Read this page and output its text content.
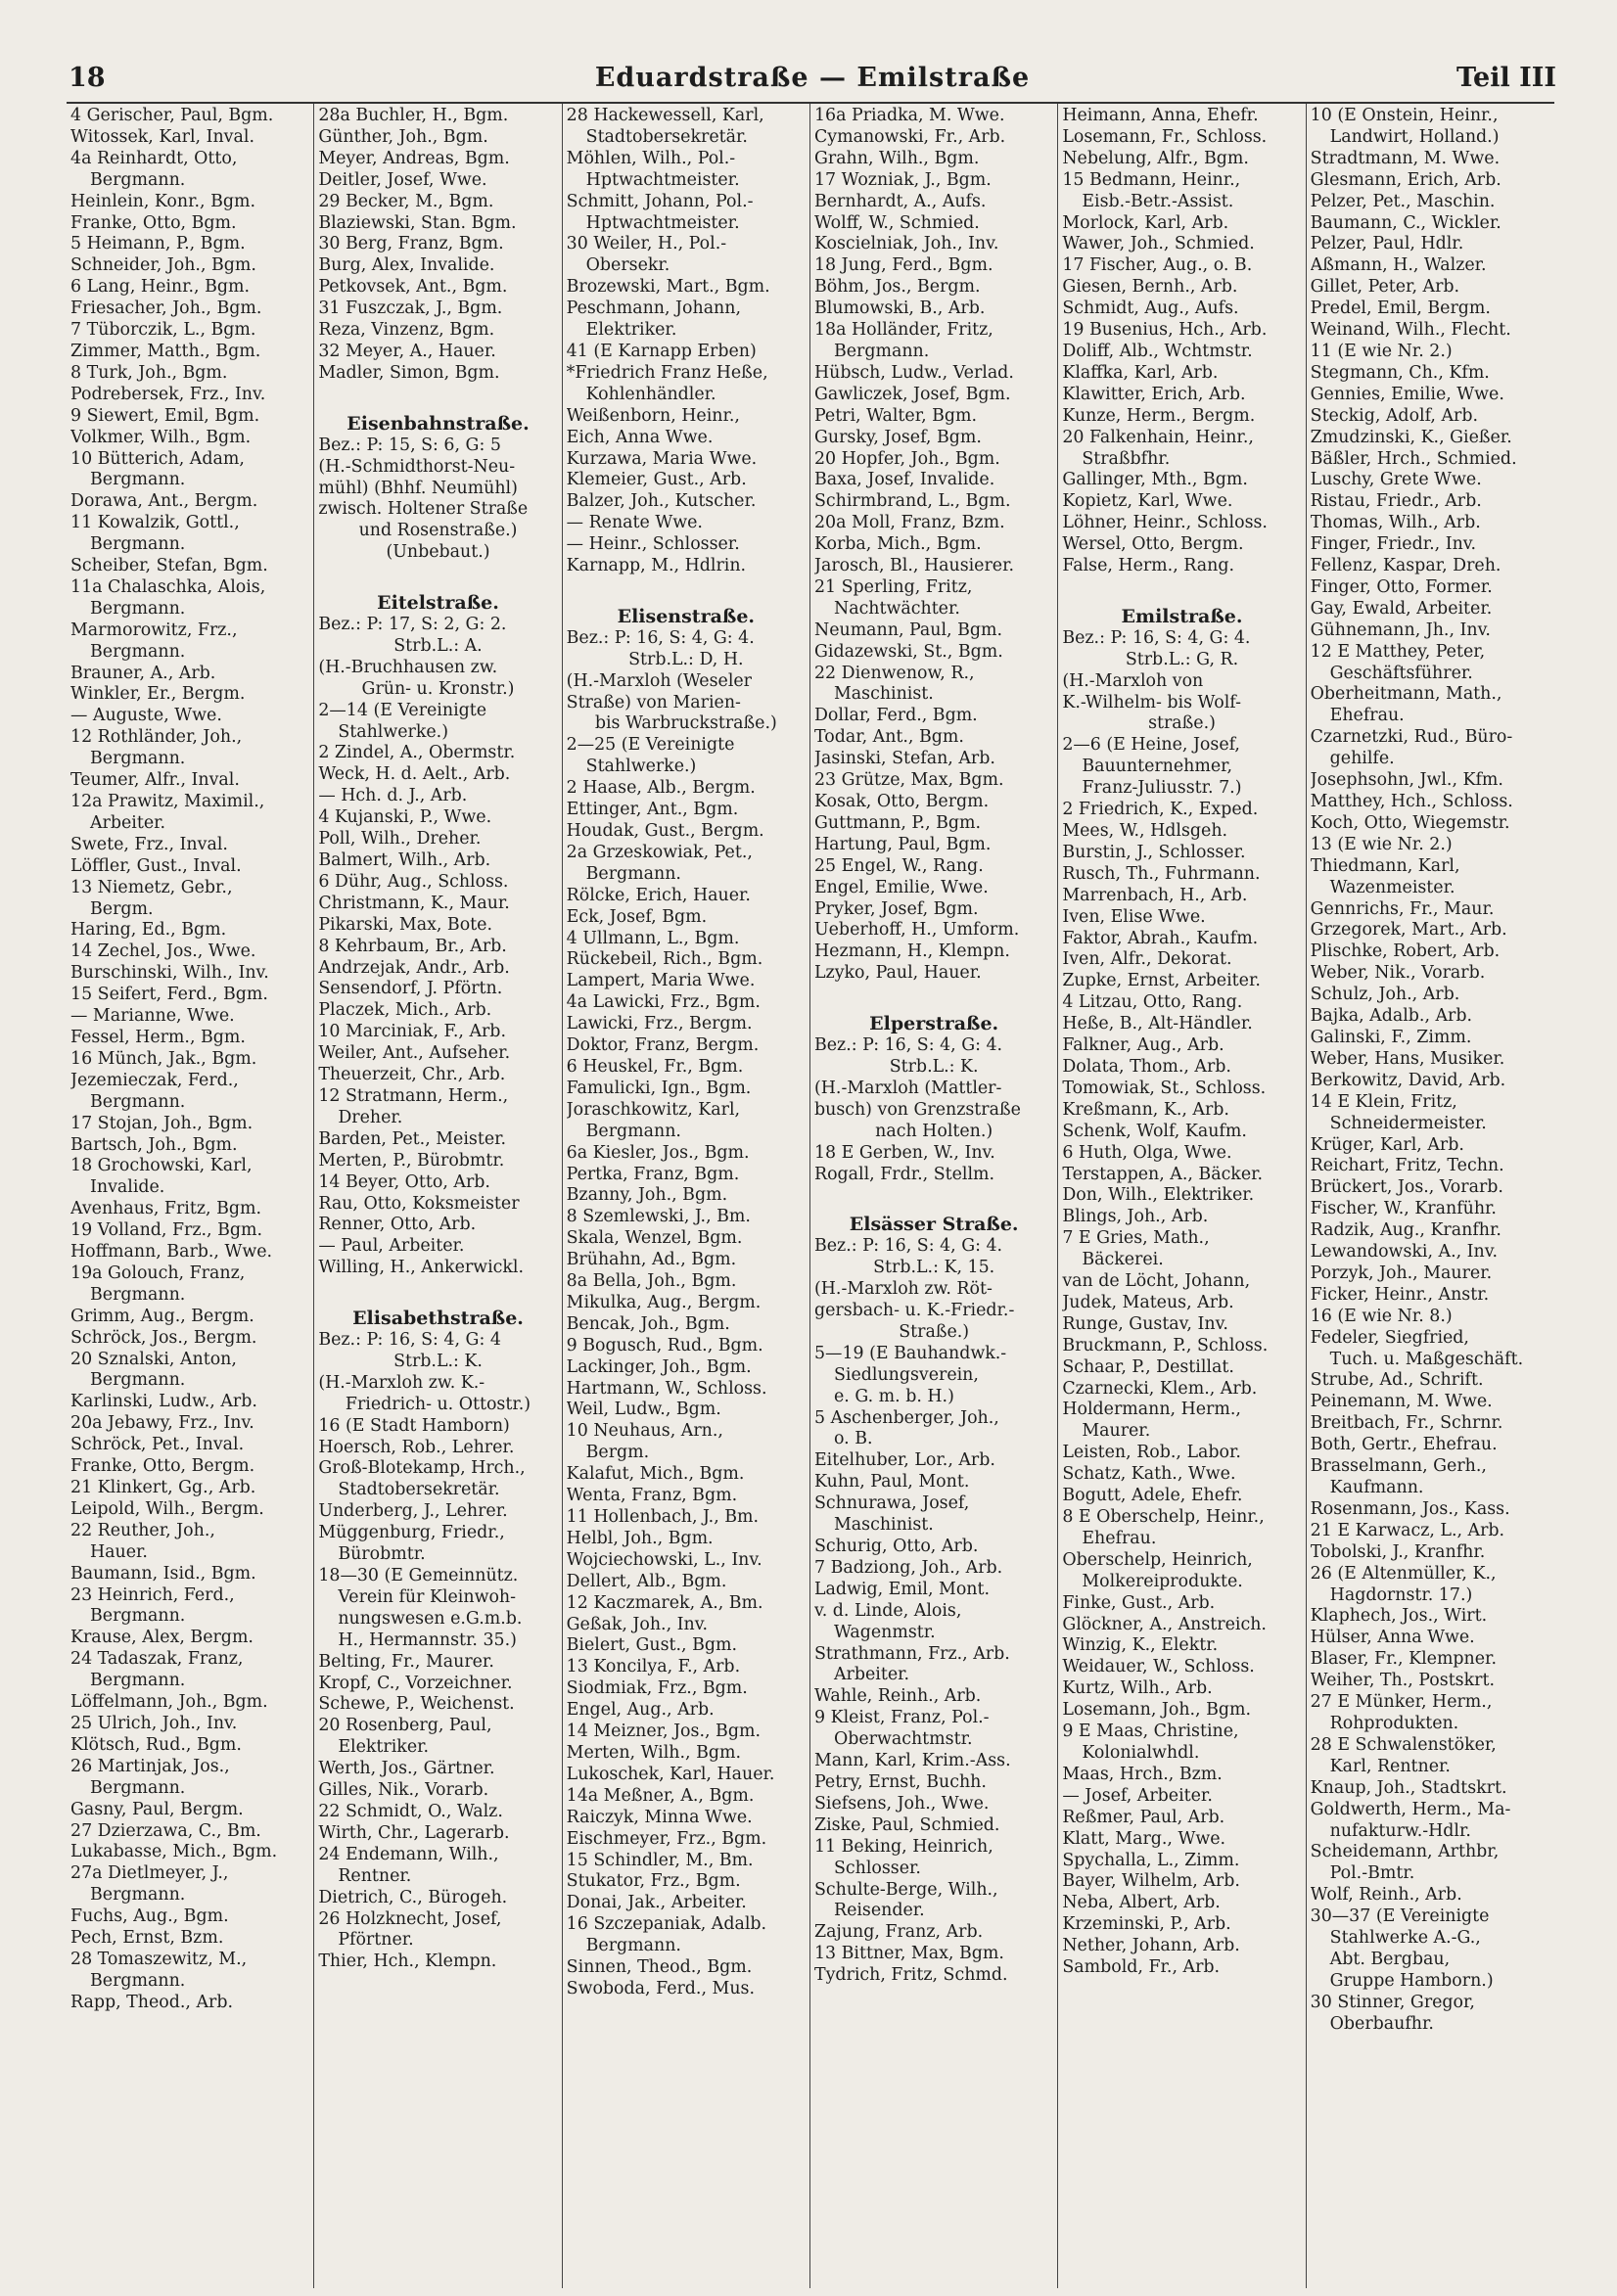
18	Eduardstraße — Emilstraße	Teil III
4 Gerischer, Paul, Bgm.
Witossek, Karl, Inval.
4a Reinhardt, Otto,
Bergmann.
Heinlein, Konr., Bgm.
Franke, Otto, Bgm.
5 Heimann, P., Bgm.
Schneider, Joh., Bgm.
6 Lang, Heinr., Bgm.
Friesacher, Joh., Bgm.
7 Tüborczik, L., Bgm.
Zimmer, Matth., Bgm.
8 Turk, Joh., Bgm.
Podrebersek, Frz., Inv.
9 Siewert, Emil, Bgm.
Volkmer, Wilh., Bgm.
10 Bütterich, Adam,
Bergmann.
Dorawa, Ant., Bergm.
11 Kowalzik, Gottl.,
Bergmann.
Scheiber, Stefan, Bgm.
11a Chalaschka, Alois,
Bergmann.
Marmorowitz, Frz.,
Bergmann.
Brauner, A., Arb.
Winkler, Er., Bergm.
— Auguste, Wwe.
12 Rothländer, Joh.,
Bergmann.
Teumer, Alfr., Inval.
12a Prawitz, Maximil.,
Arbeiter.
Swete, Frz., Inval.
Löffler, Gust., Inval.
13 Niemetz, Gebr.,
Bergm.
Haring, Ed., Bgm.
14 Zechel, Jos., Wwe.
Burschinski, Wilh., Inv.
15 Seifert, Ferd., Bgm.
— Marianne, Wwe.
Fessel, Herm., Bgm.
16 Münch, Jak., Bgm.
Jezemieczak, Ferd.,
Bergmann.
17 Stojan, Joh., Bgm.
Bartsch, Joh., Bgm.
18 Grochowski, Karl,
Invalide.
Avenhaus, Fritz, Bgm.
19 Volland, Frz., Bgm.
Hoffmann, Barb., Wwe.
19a Golouch, Franz,
Bergmann.
Grimm, Aug., Bergm.
Schröck, Jos., Bergm.
20 Sznalski, Anton,
Bergmann.
Karlinski, Ludw., Arb.
20a Jebawy, Frz., Inv.
Schröck, Pet., Inval.
Franke, Otto, Bergm.
21 Klinkert, Gg., Arb.
Leipold, Wilh., Bergm.
22 Reuther, Joh.,
Hauer.
Baumann, Isid., Bgm.
23 Heinrich, Ferd.,
Bergmann.
Krause, Alex, Bergm.
24 Tadaszak, Franz,
Bergmann.
Löffelmann, Joh., Bgm.
25 Ulrich, Joh., Inv.
Klötsch, Rud., Bgm.
26 Martinjak, Jos.,
Bergmann.
Gasny, Paul, Bergm.
27 Dzierzawa, C., Bm.
Lukabasse, Mich., Bgm.
27a Dietlmeyer, J.,
Bergmann.
Fuchs, Aug., Bgm.
Pech, Ernst, Bzm.
28 Tomaszewitz, M.,
Bergmann.
Rapp, Theod., Arb.
28a Buchler, H., Bgm.
Günther, Joh., Bgm.
Meyer, Andreas, Bgm.
Deitler, Josef, Wwe.
29 Becker, M., Bgm.
Blaziewski, Stan. Bgm.
30 Berg, Franz, Bgm.
Burg, Alex, Invalide.
Petkovsek, Ant., Bgm.
31 Fuszczak, J., Bgm.
Reza, Vinzenz, Bgm.
32 Meyer, A., Hauer.
Madler, Simon, Bgm.
Eisenbahnstraße.
Bez.: P: 15, S: 6, G: 5
(H.-Schmidthorst-Neu-
mühl) (Bhhf. Neumühl)
zwisch. Holtener Straße
und Rosenstraße.)
(Unbebaut.)
Eitelstraße.
Bez.: P: 17, S: 2, G: 2.
Strb.L.: A.
(H.-Bruchhausen zw.
Grün- u. Kronstr.)
2—14 (E Vereinigte
Stahlwerke.)
2 Zindel, A., Obermstr.
Weck, H. d. Aelt., Arb.
— Hch. d. J., Arb.
4 Kujanski, P., Wwe.
Poll, Wilh., Dreher.
Balmert, Wilh., Arb.
6 Dühr, Aug., Schloss.
Christmann, K., Maur.
Pikarski, Max, Bote.
8 Kehrbaum, Br., Arb.
Andrzejak, Andr., Arb.
Sensendorf, J. Pförtn.
Placzek, Mich., Arb.
10 Marciniak, F., Arb.
Weiler, Ant., Aufseher.
Theuerzeit, Chr., Arb.
12 Stratmann, Herm.,
Dreher.
Barden, Pet., Meister.
Merten, P., Bürobmtr.
14 Beyer, Otto, Arb.
Rau, Otto, Koksmeister
Renner, Otto, Arb.
— Paul, Arbeiter.
Willing, H., Ankerwickl.
Elisabethstraße.
Bez.: P: 16, S: 4, G: 4
Strb.L.: K.
(H.-Marxloh zw. K.-
Friedrich- u. Ottostr.)
16 (E Stadt Hamborn)
Hoersch, Rob., Lehrer.
Groß-Blotekamp, Hrch.,
Stadtobersekretär.
Underberg, J., Lehrer.
Müggenburg, Friedr.,
Bürobmtr.
18—30 (E Gemeinnütz.
Verein für Kleinwoh-
nungswesen e.G.m.b.
H., Hermannstr. 35.)
Belting, Fr., Maurer.
Kropf, C., Vorzeichner.
Schewe, P., Weichenst.
20 Rosenberg, Paul,
Elektriker.
Werth, Jos., Gärtner.
Gilles, Nik., Vorarb.
22 Schmidt, O., Walz.
Wirth, Chr., Lagerarb.
24 Endemann, Wilh.,
Rentner.
Dietrich, C., Bürogeh.
26 Holzknecht, Josef,
Pförtner.
Thier, Hch., Klempn.
28 Hackewessell, Karl,
Stadtobersekretär.
Möhlen, Wilh., Pol.-
Hptwachtmeister.
Schmitt, Johann, Pol.-
Hptwachtmeister.
30 Weiler, H., Pol.-
Obersekr.
Brozewski, Mart., Bgm.
Peschmann, Johann,
Elektriker.
41 (E Karnapp Erben)
*Friedrich Franz Heße,
Kohlenhändler.
Weißenborn, Heinr.,
Eich, Anna Wwe.
Kurzawa, Maria Wwe.
Klemeier, Gust., Arb.
Balzer, Joh., Kutscher.
— Renate Wwe.
— Heinr., Schlosser.
Karnapp, M., Hdlrin.
Elisenstraße.
Bez.: P: 16, S: 4, G: 4.
Strb.L.: D, H.
(H.-Marxloh (Weseler
Straße) von Marien-
bis Warbruckstraße.)
2—25 (E Vereinigte
Stahlwerke.)
2 Haase, Alb., Bergm.
Ettinger, Ant., Bgm.
Houdak, Gust., Bergm.
2a Grzeskowiak, Pet.,
Bergmann.
Rölcke, Erich, Hauer.
Eck, Josef, Bgm.
4 Ullmann, L., Bgm.
Rückebeil, Rich., Bgm.
Lampert, Maria Wwe.
4a Lawicki, Frz., Bgm.
Lawicki, Frz., Bergm.
Doktor, Franz, Bergm.
6 Heuskel, Fr., Bgm.
Famulicki, Ign., Bgm.
Joraschkowitz, Karl,
Bergmann.
6a Kiesler, Jos., Bgm.
Pertka, Franz, Bgm.
Bzanny, Joh., Bgm.
8 Szemlewski, J., Bm.
Skala, Wenzel, Bgm.
Brühahn, Ad., Bgm.
8a Bella, Joh., Bgm.
Mikulka, Aug., Bergm.
Bencak, Joh., Bgm.
9 Bogusch, Rud., Bgm.
Lackinger, Joh., Bgm.
Hartmann, W., Schloss.
Weil, Ludw., Bgm.
10 Neuhaus, Arn.,
Bergm.
Kalafut, Mich., Bgm.
Wenta, Franz, Bgm.
11 Hollenbach, J., Bm.
Helbl, Joh., Bgm.
Wojciechowski, L., Inv.
Dellert, Alb., Bgm.
12 Kaczmarek, A., Bm.
Geßak, Joh., Inv.
Bielert, Gust., Bgm.
13 Koncilya, F., Arb.
Siodmiak, Frz., Bgm.
Engel, Aug., Arb.
14 Meizner, Jos., Bgm.
Merten, Wilh., Bgm.
Lukoschek, Karl, Hauer.
14a Meßner, A., Bgm.
Raiczyk, Minna Wwe.
Eischmeyer, Frz., Bgm.
15 Schindler, M., Bm.
Stukator, Frz., Bgm.
Donai, Jak., Arbeiter.
16 Szczepaniak, Adalb.
Bergmann.
Sinnen, Theod., Bgm.
Swoboda, Ferd., Mus.
16a Priadka, M. Wwe.
Cymanowski, Fr., Arb.
Grahn, Wilh., Bgm.
17 Wozniak, J., Bgm.
Bernhardt, A., Aufs.
Wolff, W., Schmied.
Koscielniak, Joh., Inv.
18 Jung, Ferd., Bgm.
Böhm, Jos., Bergm.
Blumowski, B., Arb.
18a Holländer, Fritz,
Bergmann.
Hübsch, Ludw., Verlad.
Gawliczek, Josef, Bgm.
Petri, Walter, Bgm.
Gursky, Josef, Bgm.
20 Hopfer, Joh., Bgm.
Baxa, Josef, Invalide.
Schirmbrand, L., Bgm.
20a Moll, Franz, Bzm.
Korba, Mich., Bgm.
Jarosch, Bl., Hausierer.
21 Sperling, Fritz,
Nachtwächter.
Neumann, Paul, Bgm.
Gidazewski, St., Bgm.
22 Dienwenow, R.,
Maschinist.
Dollar, Ferd., Bgm.
Todar, Ant., Bgm.
Jasinski, Stefan, Arb.
23 Grütze, Max, Bgm.
Kosak, Otto, Bergm.
Guttmann, P., Bgm.
Hartung, Paul, Bgm.
25 Engel, W., Rang.
Engel, Emilie, Wwe.
Pryker, Josef, Bgm.
Ueberhoff, H., Umform.
Hezmann, H., Klempn.
Lzyko, Paul, Hauer.
Elperstraße.
Bez.: P: 16, S: 4, G: 4.
Strb.L.: K.
(H.-Marxloh (Mattler-
busch) von Grenzstraße
nach Holten.)
18 E Gerben, W., Inv.
Rogall, Frdr., Stellm.
Elsässer Straße.
Bez.: P: 16, S: 4, G: 4.
Strb.L.: K, 15.
(H.-Marxloh zw. Röt-
gersbach- u. K.-Friedr.-
Straße.)
5—19 (E Bauhandwk.-
Siedlungsverein,
e. G. m. b. H.)
5 Aschenberger, Joh.,
o. B.
Eitelhuber, Lor., Arb.
Kuhn, Paul, Mont.
Schnurawa, Josef,
Maschinist.
Schurig, Otto, Arb.
7 Badziong, Joh., Arb.
Ladwig, Emil, Mont.
v. d. Linde, Alois,
Wagenmstr.
Strathmann, Frz., Arb.
Arbeiter.
Wahle, Reinh., Arb.
9 Kleist, Franz, Pol.-
Oberwachtmstr.
Mann, Karl, Krim.-Ass.
Petry, Ernst, Buchh.
Siefsens, Joh., Wwe.
Ziske, Paul, Schmied.
11 Beking, Heinrich,
Schlosser.
Schulte-Berge, Wilh.,
Reisender.
Zajung, Franz, Arb.
13 Bittner, Max, Bgm.
Tydrich, Fritz, Schmd.
Heimann, Anna, Ehefr.
Losemann, Fr., Schloss.
Nebelung, Alfr., Bgm.
15 Bedmann, Heinr.,
Eisb.-Betr.-Assist.
Morlock, Karl, Arb.
Wawer, Joh., Schmied.
17 Fischer, Aug., o. B.
Giesen, Bernh., Arb.
Schmidt, Aug., Aufs.
19 Busenius, Hch., Arb.
Doliff, Alb., Wchtmstr.
Klaffka, Karl, Arb.
Klawitter, Erich, Arb.
Kunze, Herm., Bergm.
20 Falkenhain, Heinr.,
Straßbfhr.
Gallinger, Mth., Bgm.
Kopietz, Karl, Wwe.
Löhner, Heinr., Schloss.
Wersel, Otto, Bergm.
False, Herm., Rang.
Emilstraße.
Bez.: P: 16, S: 4, G: 4.
Strb.L.: G, R.
(H.-Marxloh von
K.-Wilhelm- bis Wolf-
straße.)
2—6 (E Heine, Josef,
Bauunternehmer,
Franz-Juliusstr. 7.)
2 Friedrich, K., Exped.
Mees, W., Hdlsgeh.
Burstin, J., Schlosser.
Rusch, Th., Fuhrmann.
Marrenbach, H., Arb.
Iven, Elise Wwe.
Faktor, Abrah., Kaufm.
Iven, Alfr., Dekorat.
Zupke, Ernst, Arbeiter.
4 Litzau, Otto, Rang.
Heße, B., Alt-Händler.
Falkner, Aug., Arb.
Dolata, Thom., Arb.
Tomowiak, St., Schloss.
Kreßmann, K., Arb.
Schenk, Wolf, Kaufm.
6 Huth, Olga, Wwe.
Terstappen, A., Bäcker.
Don, Wilh., Elektriker.
Blings, Joh., Arb.
7 E Gries, Math.,
Bäckerei.
van de Löcht, Johann,
Judek, Mateus, Arb.
Runge, Gustav, Inv.
Bruckmann, P., Schloss.
Schaar, P., Destillat.
Czarnecki, Klem., Arb.
Holdermann, Herm.,
Maurer.
Leisten, Rob., Labor.
Schatz, Kath., Wwe.
Bogutt, Adele, Ehefr.
8 E Oberschelp, Heinr.,
Ehefrau.
Oberschelp, Heinrich,
Molkereiprodukte.
Finke, Gust., Arb.
Glöckner, A., Anstreich.
Winzig, K., Elektr.
Weidauer, W., Schloss.
Kurtz, Wilh., Arb.
Losemann, Joh., Bgm.
9 E Maas, Christine,
Kolonialwhdl.
Maas, Hrch., Bzm.
— Josef, Arbeiter.
Reßmer, Paul, Arb.
Klatt, Marg., Wwe.
Spychalla, L., Zimm.
Bayer, Wilhelm, Arb.
Neba, Albert, Arb.
Krzeminski, P., Arb.
Nether, Johann, Arb.
Sambold, Fr., Arb.
10 (E Onstein, Heinr.,
Landwirt, Holland.)
Stradtmann, M. Wwe.
Glesmann, Erich, Arb.
Pelzer, Pet., Maschin.
Baumann, C., Wickler.
Pelzer, Paul, Hdlr.
Aßmann, H., Walzer.
Gillet, Peter, Arb.
Predel, Emil, Bergm.
Weinand, Wilh., Flecht.
11 (E wie Nr. 2.)
Stegmann, Ch., Kfm.
Gennies, Emilie, Wwe.
Steckig, Adolf, Arb.
Zmudzinski, K., Gießer.
Bäßler, Hrch., Schmied.
Luschy, Grete Wwe.
Ristau, Friedr., Arb.
Thomas, Wilh., Arb.
Finger, Friedr., Inv.
Fellenz, Kaspar, Dreh.
Finger, Otto, Former.
Gay, Ewald, Arbeiter.
Gühnemann, Jh., Inv.
12 E Matthey, Peter,
Geschäftsführer.
Oberheitmann, Math.,
Ehefrau.
Czarnetzki, Rud., Büro-
gehilfe.
Josephsohn, Jwl., Kfm.
Matthey, Hch., Schloss.
Koch, Otto, Wiegemstr.
13 (E wie Nr. 2.)
Thiedmann, Karl,
Wazenmeister.
Gennrichs, Fr., Maur.
Grzegorek, Mart., Arb.
Plischke, Robert, Arb.
Weber, Nik., Vorarb.
Schulz, Joh., Arb.
Bajka, Adalb., Arb.
Galinski, F., Zimm.
Weber, Hans, Musiker.
Berkowitz, David, Arb.
14 E Klein, Fritz,
Schneidermeister.
Krüger, Karl, Arb.
Reichart, Fritz, Techn.
Brückert, Jos., Vorarb.
Fischer, W., Kranführ.
Radzik, Aug., Kranfhr.
Lewandowski, A., Inv.
Porzyk, Joh., Maurer.
Ficker, Heinr., Anstr.
16 (E wie Nr. 8.)
Fedeler, Siegfried,
Tuch. u. Maßgeschäft.
Strube, Ad., Schrift.
Peinemann, M. Wwe.
Breitbach, Fr., Schrnr.
Both, Gertr., Ehefrau.
Brasselmann, Gerh.,
Kaufmann.
Rosenmann, Jos., Kass.
21 E Karwacz, L., Arb.
Tobolski, J., Kranfhr.
26 (E Altenmüller, K.,
Hagdornstr. 17.)
Klaphech, Jos., Wirt.
Hülser, Anna Wwe.
Blaser, Fr., Klempner.
Weiher, Th., Postskrt.
27 E Münker, Herm.,
Rohprodukten.
28 E Schwalenstöker,
Karl, Rentner.
Knaup, Joh., Stadtskrt.
Goldwerth, Herm., Ma-
nufakturw.-Hdlr.
Scheidemann, Arthbr,
Pol.-Bmtr.
Wolf, Reinh., Arb.
30—37 (E Vereinigte
Stahlwerke A.-G.,
Abt. Bergbau,
Gruppe Hamborn.)
30 Stinner, Gregor,
Oberbaufhr.
